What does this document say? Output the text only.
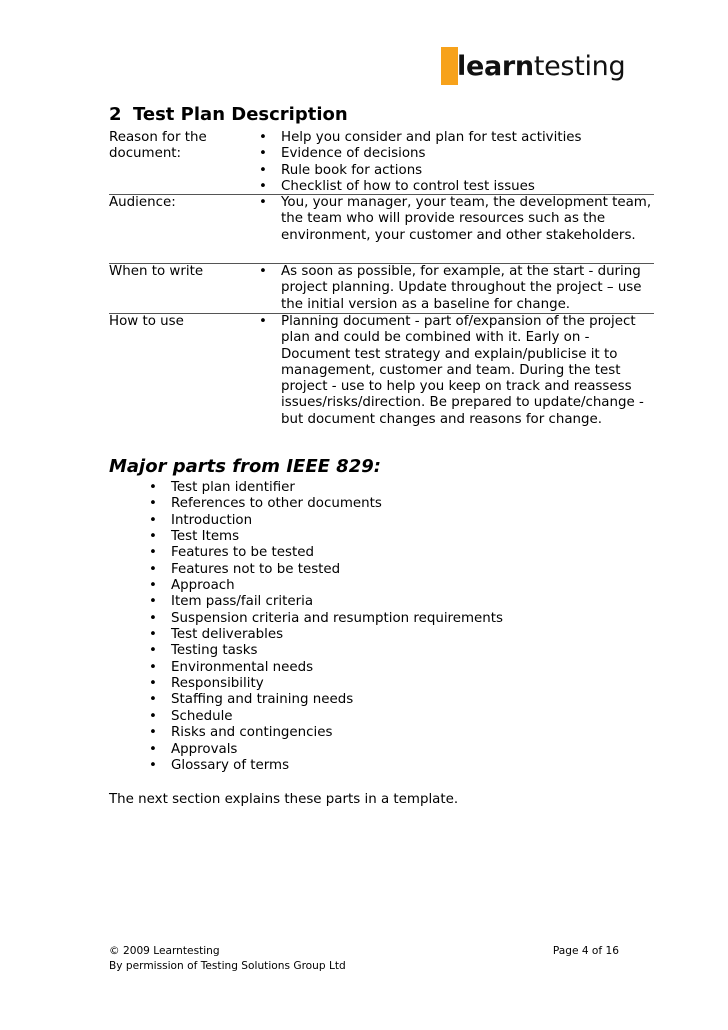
learntesting
2 Test Plan Description
Reason for the document:
• Help you consider and plan for test activities
• Evidence of decisions
• Rule book for actions
• Checklist of how to control test issues
Audience:	• You, your manager, your team, the development team, the team who will provide resources such as the environment, your customer and other stakeholders.
When to write	• As soon as possible, for example, at the start - during project planning. Update throughout the project – use the initial version as a baseline for change.
How to use	• Planning document - part of/expansion of the project plan and could be combined with it. Early on - Document test strategy and explain/publicise it to management, customer and team. During the test project - use to help you keep on track and reassess issues/risks/direction. Be prepared to update/change - but document changes and reasons for change.
Major parts from IEEE 829:
• Test plan identifier
• References to other documents
• Introduction
• Test Items
• Features to be tested
• Features not to be tested
• Approach
• Item pass/fail criteria
• Suspension criteria and resumption requirements
• Test deliverables
• Testing tasks
• Environmental needs
• Responsibility
• Staffing and training needs
• Schedule
• Risks and contingencies
• Approvals
• Glossary of terms

The next section explains these parts in a template.

© 2009 Learntesting	Page 4 of 16
By permission of Testing Solutions Group Ltd
